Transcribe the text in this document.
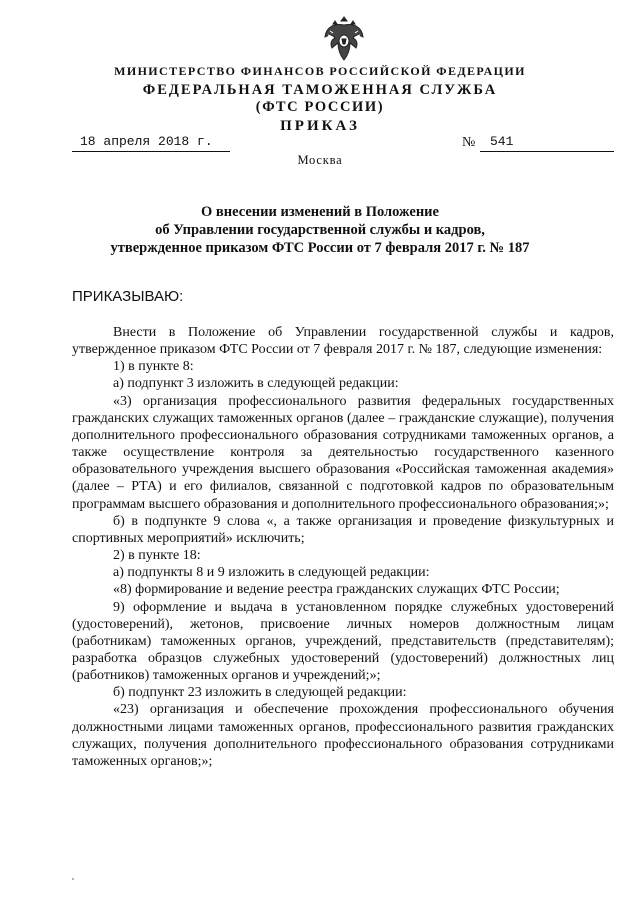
МИНИСТЕРСТВО ФИНАНСОВ РОССИЙСКОЙ ФЕДЕРАЦИИ
ФЕДЕРАЛЬНАЯ ТАМОЖЕННАЯ СЛУЖБА
(ФТС РОССИИ)
ПРИКАЗ
18 апреля 2018 г.	№	541
Москва
О внесении изменений в Положение
об Управлении государственной службы и кадров,
утвержденное приказом ФТС России от 7 февраля 2017 г. № 187
ПРИКАЗЫВАЮ:

Внести в Положение об Управлении государственной службы и кадров, утвержденное приказом ФТС России от 7 февраля 2017 г. № 187, следующие изменения:

1) в пункте 8:

а) подпункт 3 изложить в следующей редакции:

«3) организация профессионального развития федеральных государственных гражданских служащих таможенных органов (далее – гражданские служащие), получения дополнительного профессионального образования сотрудниками таможенных органов, а также осуществление контроля за деятельностью государственного казенного образовательного учреждения высшего образования «Российская таможенная академия» (далее – РТА) и его филиалов, связанной с подготовкой кадров по образовательным программам высшего образования и дополнительного профессионального образования;»;

б) в подпункте 9 слова «, а также организация и проведение физкультурных и спортивных мероприятий» исключить;

2) в пункте 18:

а) подпункты 8 и 9 изложить в следующей редакции:

«8) формирование и ведение реестра гражданских служащих ФТС России;

9) оформление и выдача в установленном порядке служебных удостоверений (удостоверений), жетонов, присвоение личных номеров должностным лицам (работникам) таможенных органов, учреждений, представительств (представителям); разработка образцов служебных удостоверений (удостоверений) должностных лиц (работников) таможенных органов и учреждений;»;

б) подпункт 23 изложить в следующей редакции:

«23) организация и обеспечение прохождения профессионального обучения должностными лицами таможенных органов, профессионального развития гражданских служащих, получения дополнительного профессионального образования сотрудниками таможенных органов;»;
